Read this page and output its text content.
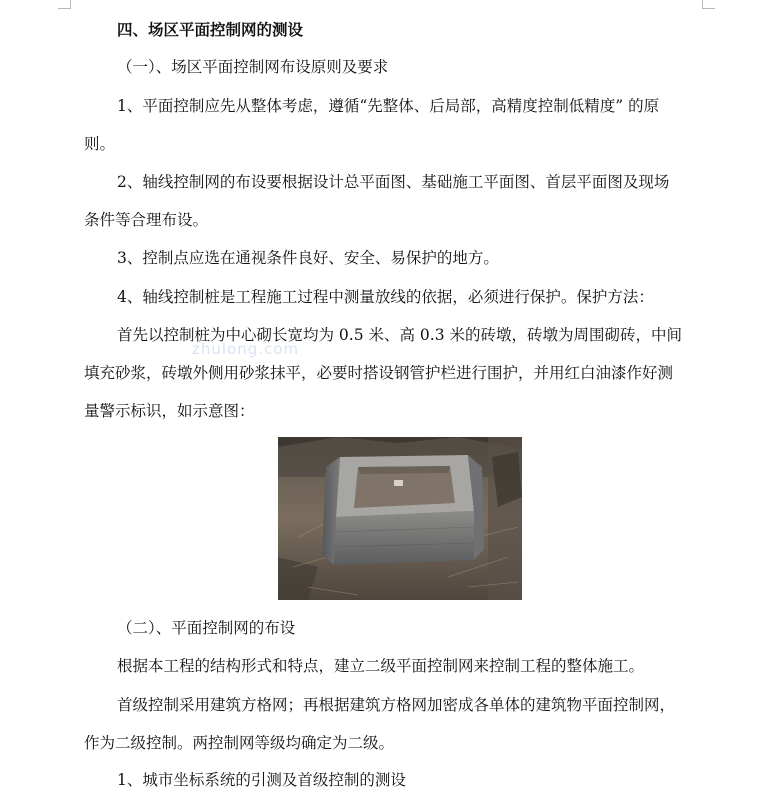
四、场区平面控制网的测设
（一）、场区平面控制网布设原则及要求
1、平面控制应先从整体考虑，遵循“先整体、后局部，高精度控制低精度” 的原
则。
2、轴线控制网的布设要根据设计总平面图、基础施工平面图、首层平面图及现场
条件等合理布设。
3、控制点应选在通视条件良好、安全、易保护的地方。
4、轴线控制桩是工程施工过程中测量放线的依据，必须进行保护。保护方法：
首先以控制桩为中心砌长宽均为 0.5 米、高 0.3 米的砖墩，砖墩为周围砌砖，中间
填充砂浆，砖墩外侧用砂浆抹平，必要时搭设钢管护栏进行围护，并用红白油漆作好测
量警示标识，如示意图：
zhulong.com
（二）、平面控制网的布设
根据本工程的结构形式和特点，建立二级平面控制网来控制工程的整体施工。
首级控制采用建筑方格网；再根据建筑方格网加密成各单体的建筑物平面控制网，
作为二级控制。两控制网等级均确定为二级。
1、城市坐标系统的引测及首级控制的测设
